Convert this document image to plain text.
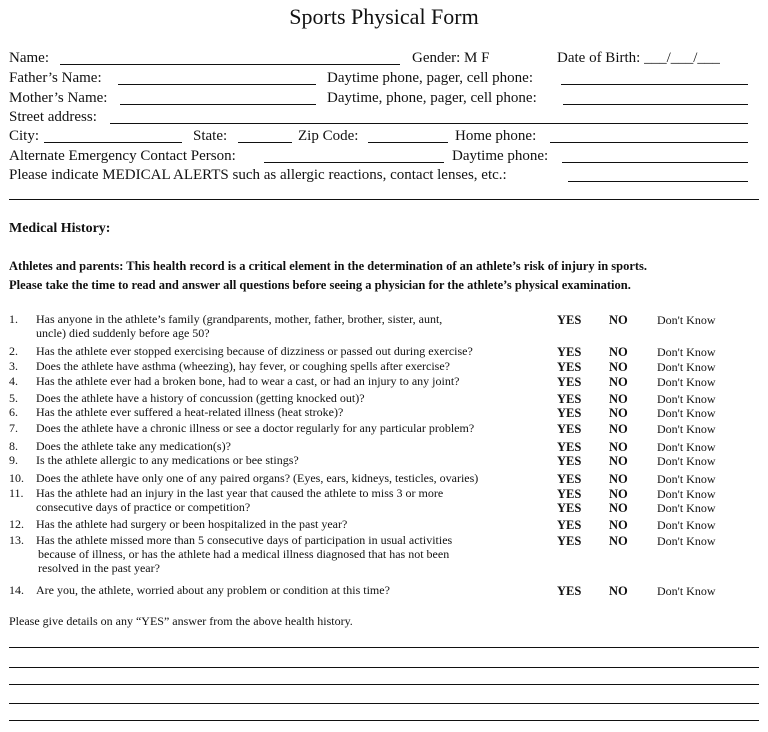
Sports Physical Form
Name:	Gender: M F	Date of Birth: ___/___/___
Father’s Name:	Daytime phone, pager, cell phone:
Mother’s Name:	Daytime, phone, pager, cell phone:
Street address:
City:	State:	Zip Code:	Home phone:
Alternate Emergency Contact Person:	Daytime phone:
Please indicate MEDICAL ALERTS such as allergic reactions, contact lenses, etc.:
Medical History:
Athletes and parents: This health record is a critical element in the determination of an athlete’s risk of injury in sports.
Please take the time to read and answer all questions before seeing a physician for the athlete’s physical examination.
1. Has anyone in the athlete’s family (grandparents, mother, father, brother, sister, aunt,
uncle) died suddenly before age 50?
YES NO Don't Know
2. Has the athlete ever stopped exercising because of dizziness or passed out during exercise?	YES NO Don't Know
3. Does the athlete have asthma (wheezing), hay fever, or coughing spells after exercise?	YES NO Don't Know
4. Has the athlete ever had a broken bone, had to wear a cast, or had an injury to any joint?	YES NO Don't Know
5. Does the athlete have a history of concussion (getting knocked out)?	YES NO Don't Know
6. Has the athlete ever suffered a heat-related illness (heat stroke)?	YES NO Don't Know
7. Does the athlete have a chronic illness or see a doctor regularly for any particular problem?	YES NO Don't Know
8. Does the athlete take any medication(s)?	YES NO Don't Know
9. Is the athlete allergic to any medications or bee stings?	YES NO Don't Know
10. Does the athlete have only one of any paired organs? (Eyes, ears, kidneys, testicles, ovaries)	YES NO Don't Know
11. Has the athlete had an injury in the last year that caused the athlete to miss 3 or more
consecutive days of practice or competition?
YES NO Don't Know
YES NO Don't Know
12. Has the athlete had surgery or been hospitalized in the past year?	YES NO Don't Know
13. Has the athlete missed more than 5 consecutive days of participation in usual activities
because of illness, or has the athlete had a medical illness diagnosed that has not been
resolved in the past year?
YES NO Don't Know
14. Are you, the athlete, worried about any problem or condition at this time?	YES NO Don't Know
Please give details on any “YES” answer from the above health history.
